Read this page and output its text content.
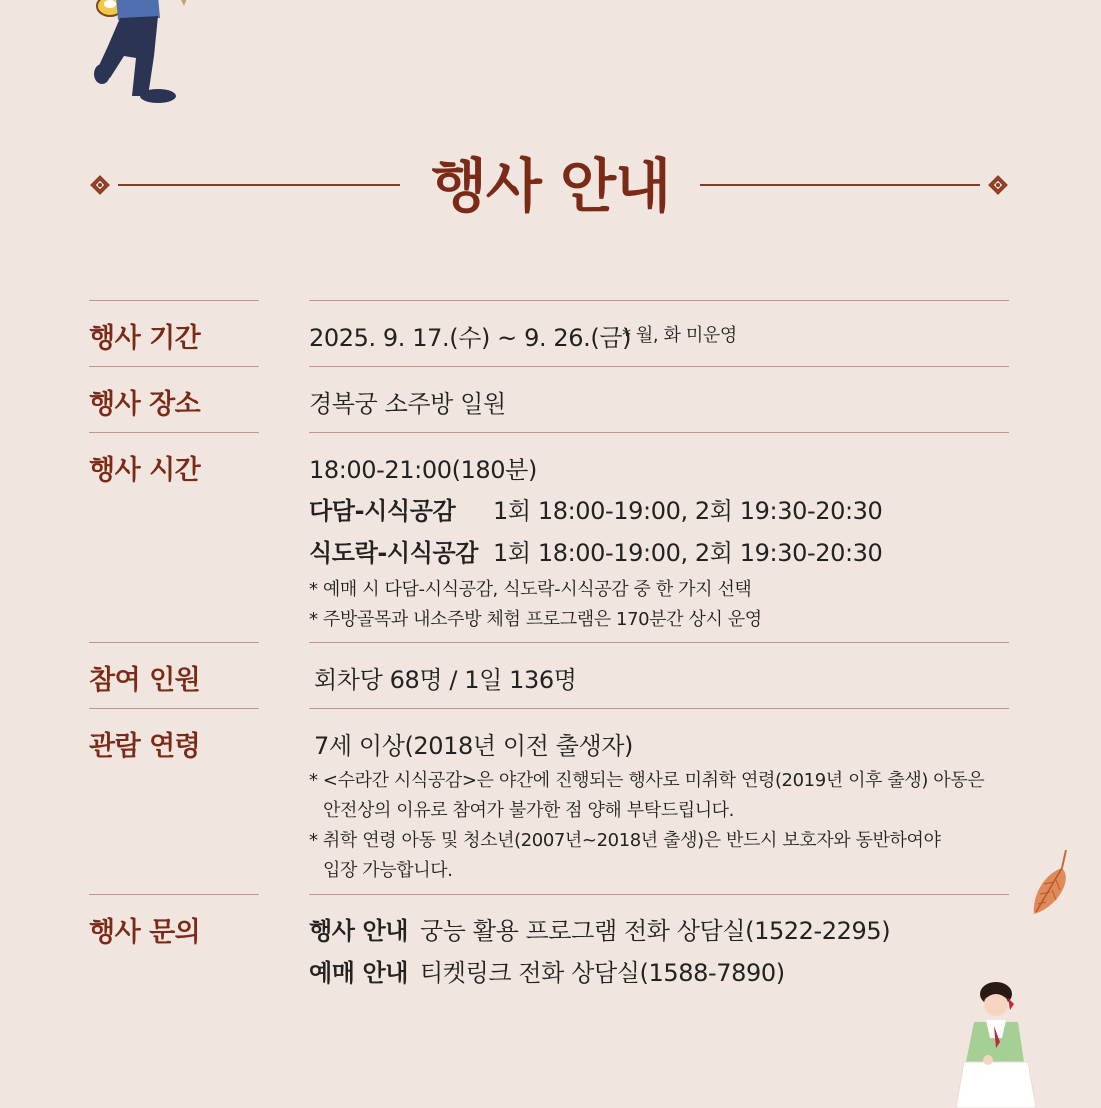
행사 안내
행사 기간	2025. 9. 17.(수) ~ 9. 26.(금)
* 월, 화 미운영
행사 장소	경복궁 소주방 일원
행사 시간	18:00-21:00(180분)
다담-시식공감 1회 18:00-19:00, 2회 19:30-20:30
식도락-시식공감 1회 18:00-19:00, 2회 19:30-20:30
* 예매 시 다담-시식공감, 식도락-시식공감 중 한 가지 선택
* 주방골목과 내소주방 체험 프로그램은 170분간 상시 운영
참여 인원	회차당 68명 / 1일 136명
관람 연령	7세 이상(2018년 이전 출생자)
* <수라간 시식공감>은 야간에 진행되는 행사로 미취학 연령(2019년 이후 출생) 아동은
안전상의 이유로 참여가 불가한 점 양해 부탁드립니다.
* 취학 연령 아동 및 청소년(2007년~2018년 출생)은 반드시 보호자와 동반하여야
입장 가능합니다.
행사 문의	행사 안내 궁능 활용 프로그램 전화 상담실(1522-2295)
예매 안내 티켓링크 전화 상담실(1588-7890)
